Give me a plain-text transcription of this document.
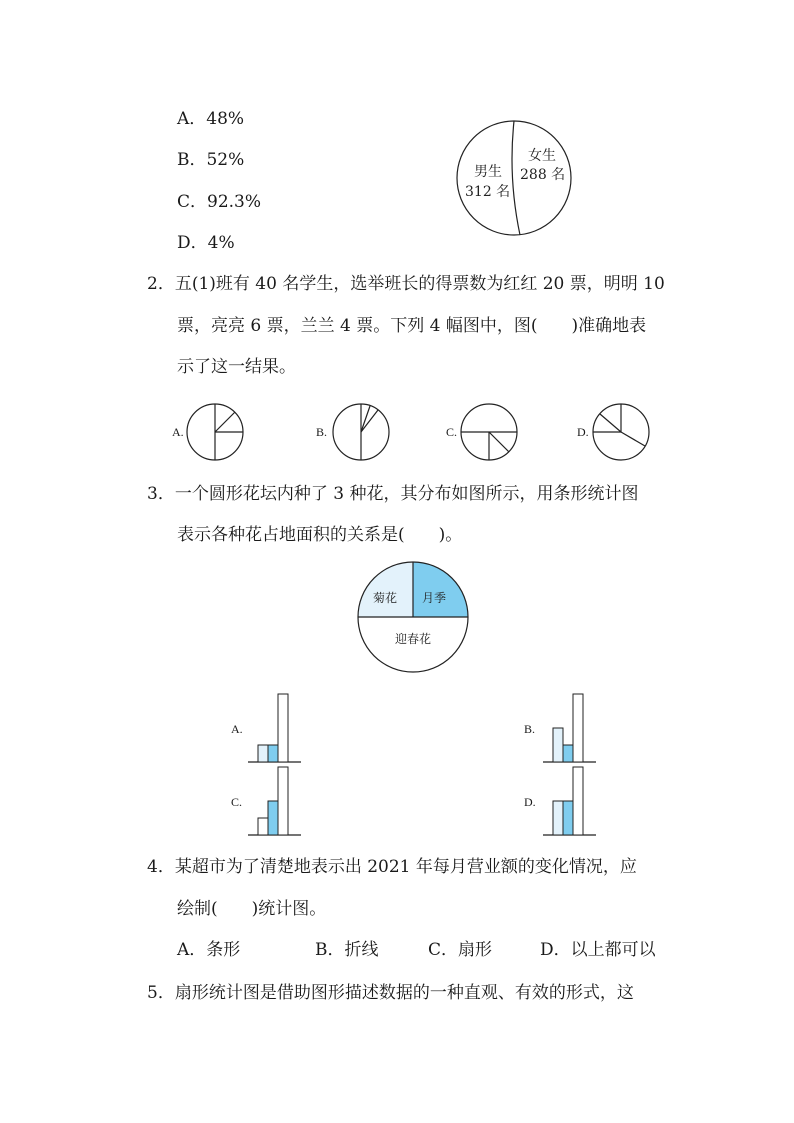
A．48%
B．52%
C．92.3%
D．4%
男生
312 名
女生
288 名
2．五(1)班有 40 名学生，选举班长的得票数为红红 20 票，明明 10
票，亮亮 6 票，兰兰 4 票。下列 4 幅图中，图(　　)准确地表
示了这一结果。
A.	B.	C.	D.
3．一个圆形花坛内种了 3 种花，其分布如图所示，用条形统计图
表示各种花占地面积的关系是(　　)。
菊花 月季
迎春花
A.	B.
C.	D.
4．某超市为了清楚地表示出 2021 年每月营业额的变化情况，应
绘制(　　)统计图。
A．条形	B．折线	C．扇形	D．以上都可以
5．扇形统计图是借助图形描述数据的一种直观、有效的形式，这
